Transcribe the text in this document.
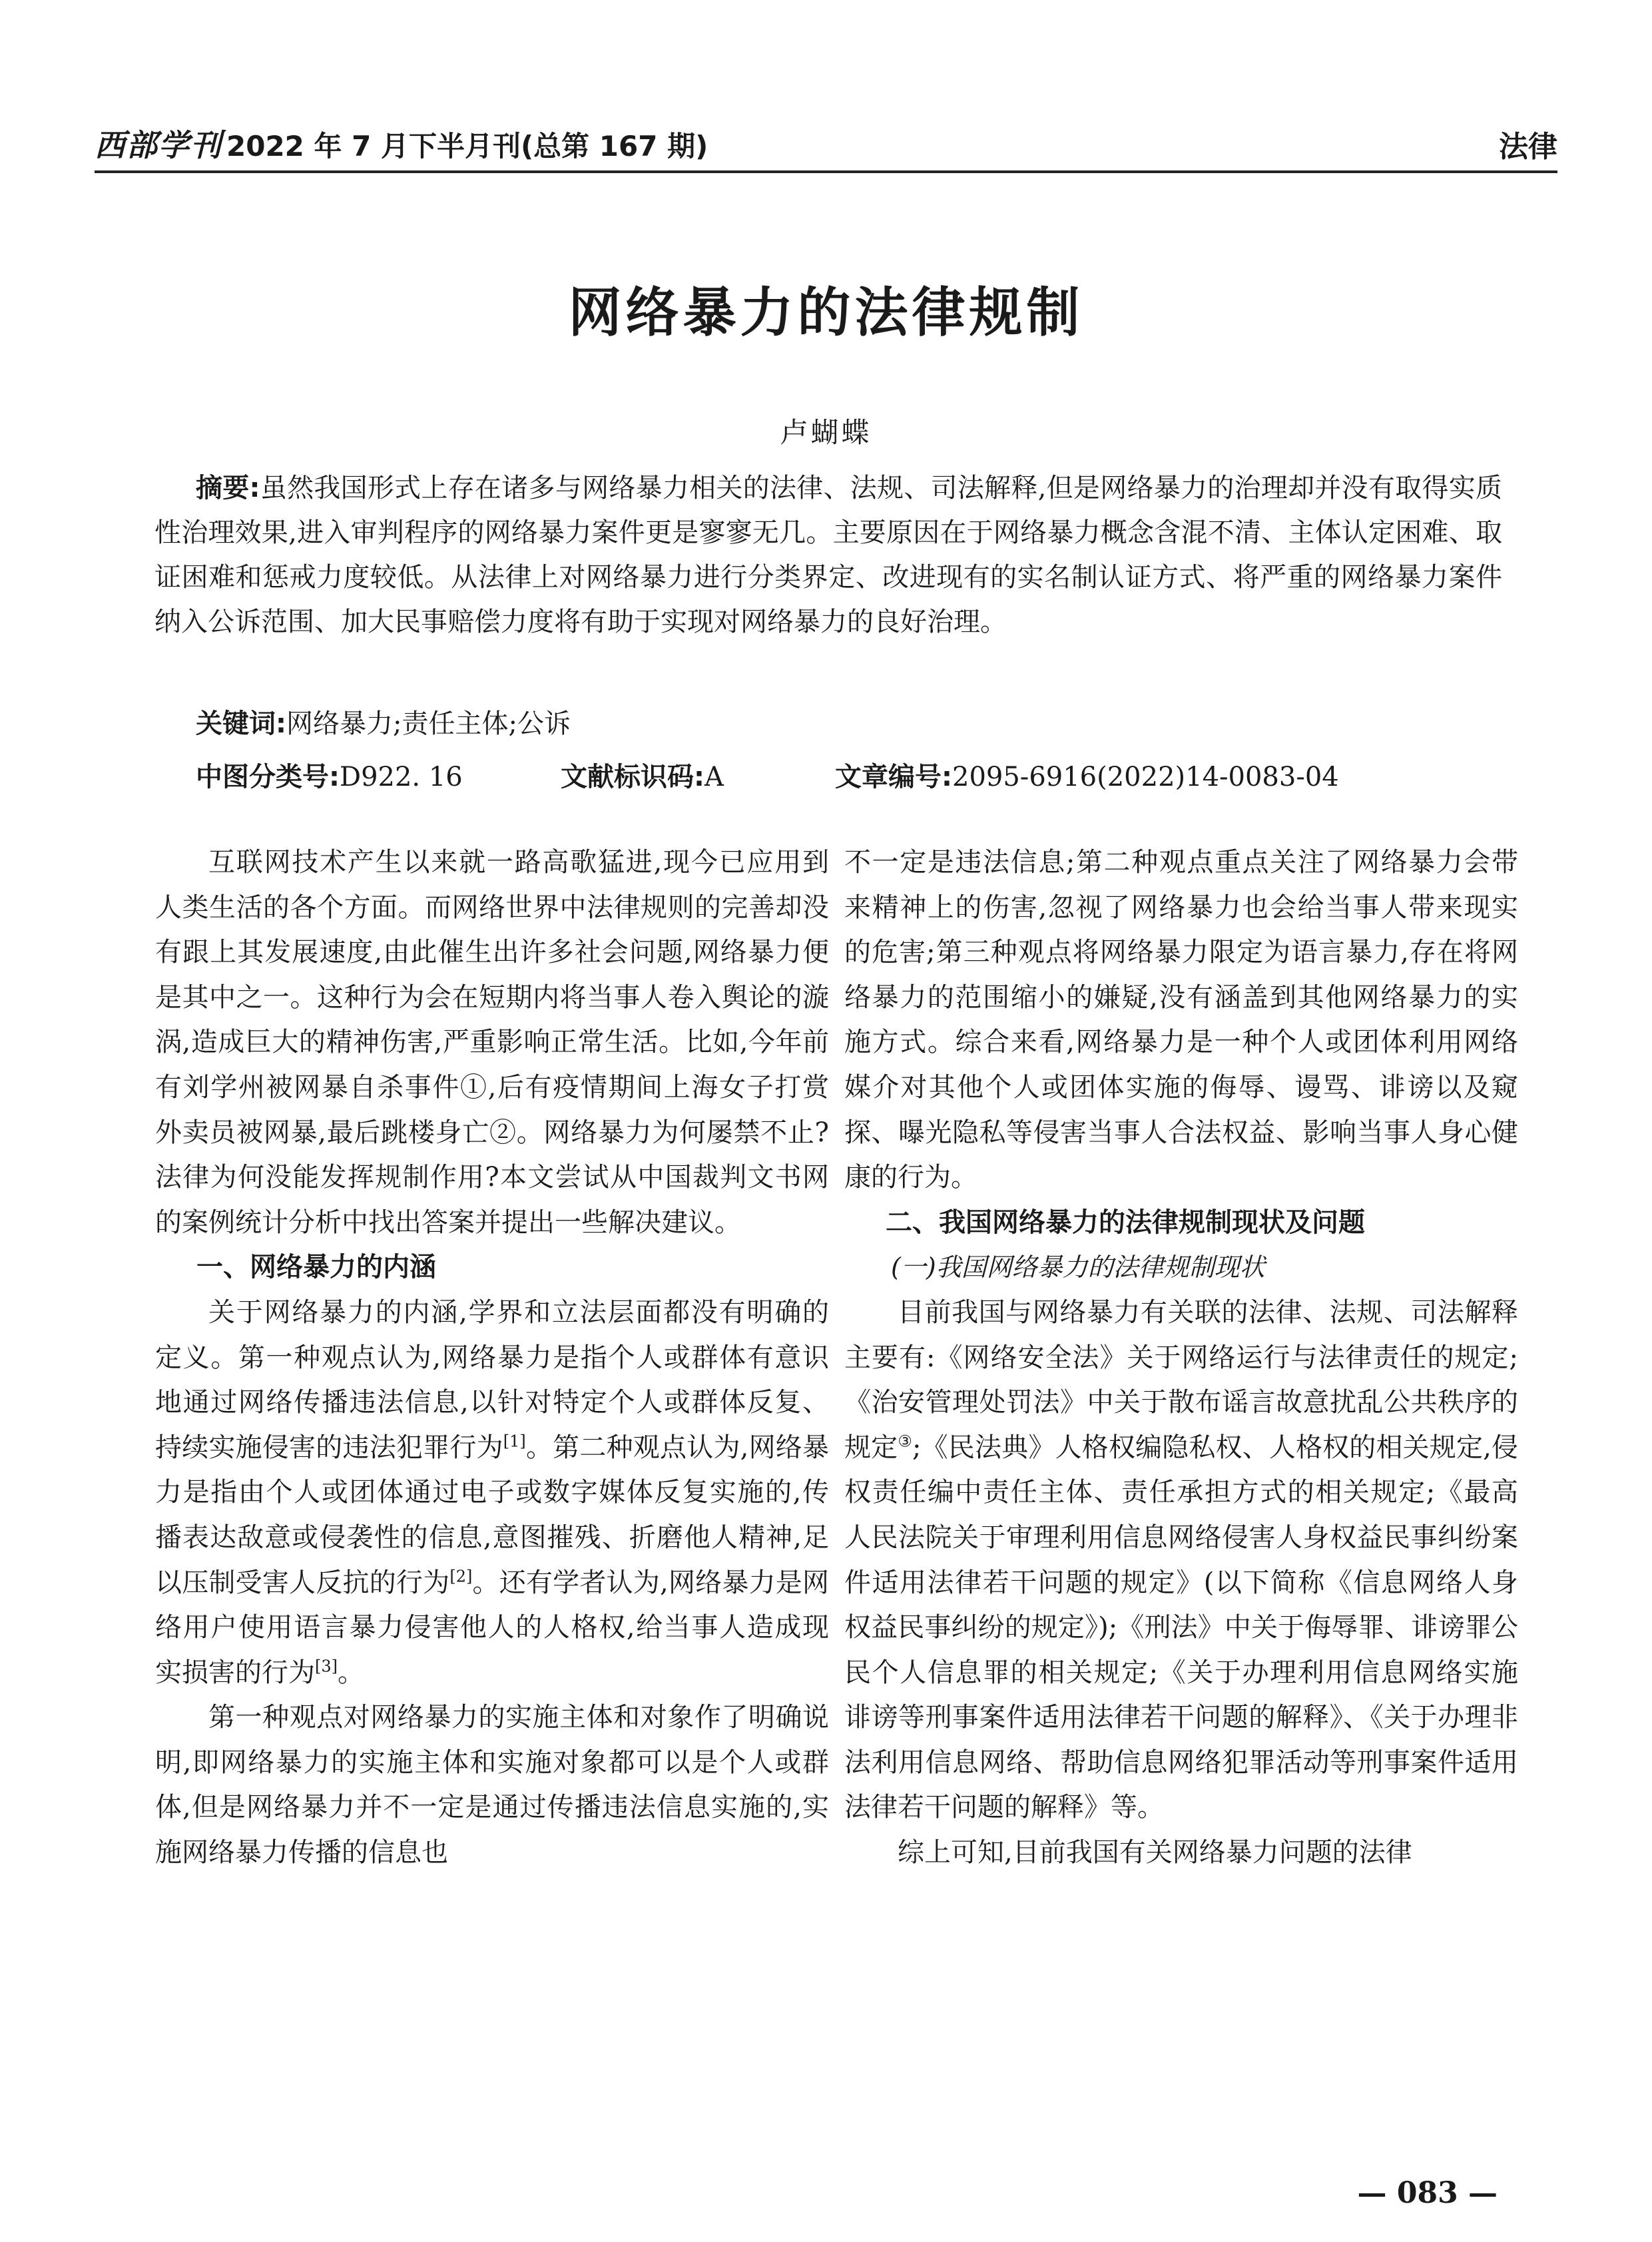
西部学刊 2022 年 7 月下半月刊(总第 167 期)	法律
网络暴力的法律规制
卢蝴蝶

摘要:虽然我国形式上存在诸多与网络暴力相关的法律、法规、司法解释,但是网络暴力的治理却并没有取得实质性治理效果,进入审判程序的网络暴力案件更是寥寥无几。主要原因在于网络暴力概念含混不清、主体认定困难、取证困难和惩戒力度较低。从法律上对网络暴力进行分类界定、改进现有的实名制认证方式、将严重的网络暴力案件纳入公诉范围、加大民事赔偿力度将有助于实现对网络暴力的良好治理。

关键词:网络暴力;责任主体;公诉
中图分类号:D922. 16	文献标识码:A	文章编号:2095-6916(2022)14-0083-04

互联网技术产生以来就一路高歌猛进,现今已应用到人类生活的各个方面。而网络世界中法律规则的完善却没有跟上其发展速度,由此催生出许多社会问题,网络暴力便是其中之一。这种行为会在短期内将当事人卷入舆论的漩涡,造成巨大的精神伤害,严重影响正常生活。比如,今年前有刘学州被网暴自杀事件①,后有疫情期间上海女子打赏外卖员被网暴,最后跳楼身亡②。网络暴力为何屡禁不止?法律为何没能发挥规制作用?本文尝试从中国裁判文书网的案例统计分析中找出答案并提出一些解决建议。

一、网络暴力的内涵

关于网络暴力的内涵,学界和立法层面都没有明确的定义。第一种观点认为,网络暴力是指个人或群体有意识地通过网络传播违法信息,以针对特定个人或群体反复、持续实施侵害的违法犯罪行为[1]。第二种观点认为,网络暴力是指由个人或团体通过电子或数字媒体反复实施的,传播表达敌意或侵袭性的信息,意图摧残、折磨他人精神,足以压制受害人反抗的行为[2]。还有学者认为,网络暴力是网络用户使用语言暴力侵害他人的人格权,给当事人造成现实损害的行为[3]。

第一种观点对网络暴力的实施主体和对象作了明确说明,即网络暴力的实施主体和实施对象都可以是个人或群体,但是网络暴力并不一定是通过传播违法信息实施的,实施网络暴力传播的信息也

不一定是违法信息;第二种观点重点关注了网络暴力会带来精神上的伤害,忽视了网络暴力也会给当事人带来现实的危害;第三种观点将网络暴力限定为语言暴力,存在将网络暴力的范围缩小的嫌疑,没有涵盖到其他网络暴力的实施方式。综合来看,网络暴力是一种个人或团体利用网络媒介对其他个人或团体实施的侮辱、谩骂、诽谤以及窥探、曝光隐私等侵害当事人合法权益、影响当事人身心健康的行为。

二、我国网络暴力的法律规制现状及问题
(一)我国网络暴力的法律规制现状

目前我国与网络暴力有关联的法律、法规、司法解释主要有:《网络安全法》关于网络运行与法律责任的规定;《治安管理处罚法》中关于散布谣言故意扰乱公共秩序的规定③;《民法典》人格权编隐私权、人格权的相关规定,侵权责任编中责任主体、责任承担方式的相关规定;《最高人民法院关于审理利用信息网络侵害人身权益民事纠纷案件适用法律若干问题的规定》(以下简称《信息网络人身权益民事纠纷的规定》);《刑法》中关于侮辱罪、诽谤罪公民个人信息罪的相关规定;《关于办理利用信息网络实施诽谤等刑事案件适用法律若干问题的解释》、《关于办理非法利用信息网络、帮助信息网络犯罪活动等刑事案件适用法律若干问题的解释》等。

综上可知,目前我国有关网络暴力问题的法律

— 083 —
